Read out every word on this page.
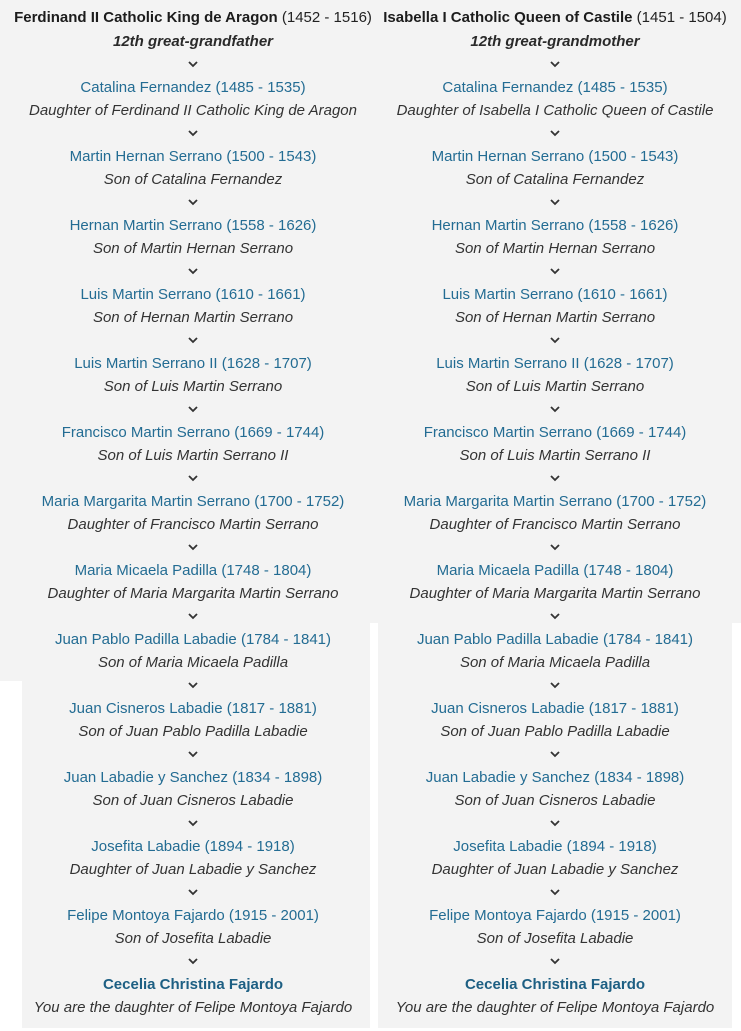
Ferdinand II Catholic King de Aragon (1452 - 1516)
12th great-grandfather
Catalina Fernandez (1485 - 1535)
Daughter of Ferdinand II Catholic King de Aragon
Martin Hernan Serrano (1500 - 1543)
Son of Catalina Fernandez
Hernan Martin Serrano (1558 - 1626)
Son of Martin Hernan Serrano
Luis Martin Serrano (1610 - 1661)
Son of Hernan Martin Serrano
Luis Martin Serrano II (1628 - 1707)
Son of Luis Martin Serrano
Francisco Martin Serrano (1669 - 1744)
Son of Luis Martin Serrano II
Maria Margarita Martin Serrano (1700 - 1752)
Daughter of Francisco Martin Serrano
Maria Micaela Padilla (1748 - 1804)
Daughter of Maria Margarita Martin Serrano
Juan Pablo Padilla Labadie (1784 - 1841)
Son of Maria Micaela Padilla
Juan Cisneros Labadie (1817 - 1881)
Son of Juan Pablo Padilla Labadie
Juan Labadie y Sanchez (1834 - 1898)
Son of Juan Cisneros Labadie
Josefita Labadie (1894 - 1918)
Daughter of Juan Labadie y Sanchez
Felipe Montoya Fajardo (1915 - 2001)
Son of Josefita Labadie
Cecelia Christina Fajardo
You are the daughter of Felipe Montoya Fajardo
Isabella I Catholic Queen of Castile (1451 - 1504)
12th great-grandmother
Catalina Fernandez (1485 - 1535)
Daughter of Isabella I Catholic Queen of Castile
Martin Hernan Serrano (1500 - 1543)
Son of Catalina Fernandez
Hernan Martin Serrano (1558 - 1626)
Son of Martin Hernan Serrano
Luis Martin Serrano (1610 - 1661)
Son of Hernan Martin Serrano
Luis Martin Serrano II (1628 - 1707)
Son of Luis Martin Serrano
Francisco Martin Serrano (1669 - 1744)
Son of Luis Martin Serrano II
Maria Margarita Martin Serrano (1700 - 1752)
Daughter of Francisco Martin Serrano
Maria Micaela Padilla (1748 - 1804)
Daughter of Maria Margarita Martin Serrano
Juan Pablo Padilla Labadie (1784 - 1841)
Son of Maria Micaela Padilla
Juan Cisneros Labadie (1817 - 1881)
Son of Juan Pablo Padilla Labadie
Juan Labadie y Sanchez (1834 - 1898)
Son of Juan Cisneros Labadie
Josefita Labadie (1894 - 1918)
Daughter of Juan Labadie y Sanchez
Felipe Montoya Fajardo (1915 - 2001)
Son of Josefita Labadie
Cecelia Christina Fajardo
You are the daughter of Felipe Montoya Fajardo
